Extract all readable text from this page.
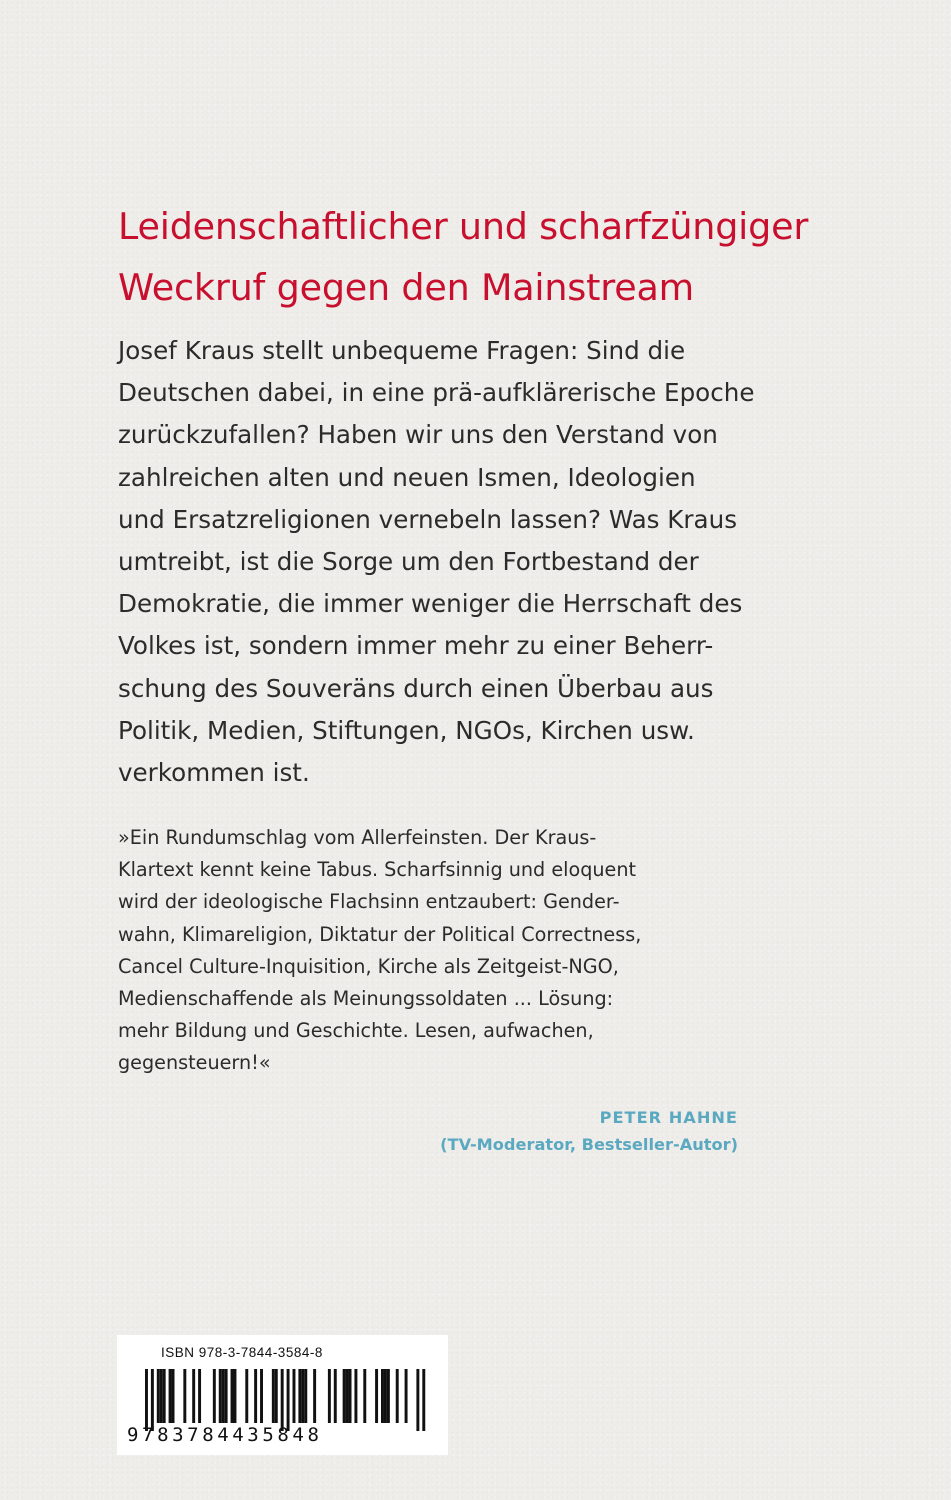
Leidenschaftlicher und scharfzüngiger
Weckruf gegen den Mainstream
Josef Kraus stellt unbequeme Fragen: Sind die
Deutschen dabei, in eine prä-aufklärerische Epoche
zurückzufallen? Haben wir uns den Verstand von
zahlreichen alten und neuen Ismen, Ideologien
und Ersatzreligionen vernebeln lassen? Was Kraus
umtreibt, ist die Sorge um den Fortbestand der
Demokratie, die immer weniger die Herrschaft des
Volkes ist, sondern immer mehr zu einer Beherr-
schung des Souveräns durch einen Überbau aus
Politik, Medien, Stiftungen, NGOs, Kirchen usw.
verkommen ist.
»Ein Rundumschlag vom Allerfeinsten. Der Kraus-
Klartext kennt keine Tabus. Scharfsinnig und eloquent
wird der ideologische Flachsinn entzaubert: Gender-
wahn, Klimareligion, Diktatur der Political Correctness,
Cancel Culture-Inquisition, Kirche als Zeitgeist-NGO,
Medienschaffende als Meinungssoldaten ... Lösung:
mehr Bildung und Geschichte. Lesen, aufwachen,
gegensteuern!«
PETER HAHNE
(TV-Moderator, Bestseller-Autor)
ISBN 978-3-7844-3584-8
9783784435848
